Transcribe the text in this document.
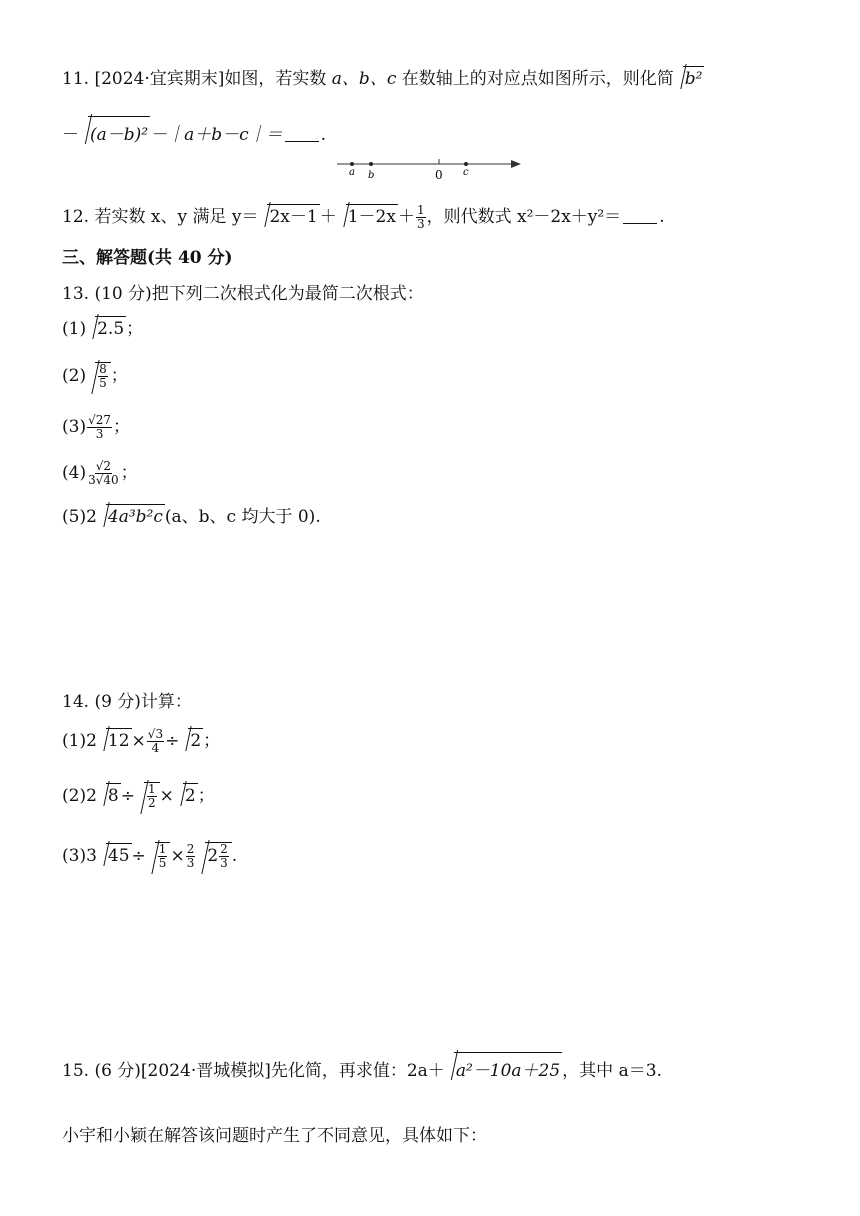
11. [2024·宜宾期末]如图，若实数 a、b、c 在数轴上的对应点如图所示，则化简 b²
－ (a－b)² －｜a＋b－c｜＝ .
a b	0 c
12. 若实数 x、y 满足 $y= 2x-1 + 1-2x + \frac{1}{3}$ ，则代数式 x²－2x＋y²＝ .
三、解答题(共 40 分)
13. (10 分)把下列二次根式化为最简二次根式：
(1) 2.5 ；
$(2) \frac{8}{5}$ ；
$(3) \frac{√27}{3}$ ；
$(4) \frac{√2}{3√40}$ ；
(5)2 4a³b²c (a、b、c 均大于 0).
14. (9 分)计算：
(1)2 $12 \times \frac{√3}{4} \div 2$ ；
(2)2 $8 \div \frac{1}{2} \times 2$ ；
(3)3 $45 \div \frac{1}{5} \times \frac{2}{3} 2 \frac{2}{3}$ .
15. (6 分)[2024·晋城模拟]先化简，再求值：2a＋ a²－10a＋25 ，其中 a＝3.
小宇和小颖在解答该问题时产生了不同意见，具体如下：
